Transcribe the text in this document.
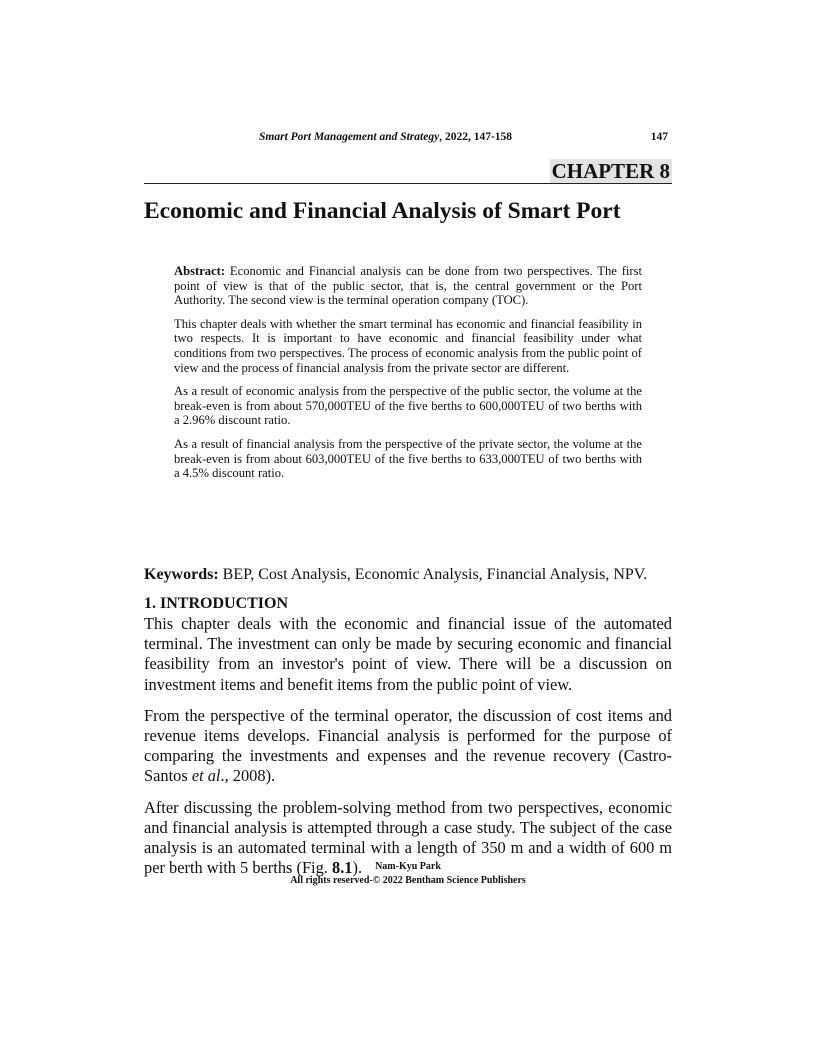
Smart Port Management and Strategy, 2022, 147-158	147
CHAPTER 8
Economic and Financial Analysis of Smart Port

Abstract: Economic and Financial analysis can be done from two perspectives. The first point of view is that of the public sector, that is, the central government or the Port Authority. The second view is the terminal operation company (TOC).

This chapter deals with whether the smart terminal has economic and financial feasibility in two respects. It is important to have economic and financial feasibility under what conditions from two perspectives. The process of economic analysis from the public point of view and the process of financial analysis from the private sector are different.

As a result of economic analysis from the perspective of the public sector, the volume at the break-even is from about 570,000TEU of the five berths to 600,000TEU of two berths with a 2.96% discount ratio.

As a result of financial analysis from the perspective of the private sector, the volume at the break-even is from about 603,000TEU of the five berths to 633,000TEU of two berths with a 4.5% discount ratio.

Keywords: BEP, Cost Analysis, Economic Analysis, Financial Analysis, NPV.
1. INTRODUCTION

This chapter deals with the economic and financial issue of the automated terminal. The investment can only be made by securing economic and financial feasibility from an investor's point of view. There will be a discussion on investment items and benefit items from the public point of view.

From the perspective of the terminal operator, the discussion of cost items and revenue items develops. Financial analysis is performed for the purpose of comparing the investments and expenses and the revenue recovery (Castro-Santos et al., 2008).

After discussing the problem-solving method from two perspectives, economic and financial analysis is attempted through a case study. The subject of the case analysis is an automated terminal with a length of 350 m and a width of 600 m per berth with 5 berths (Fig. 8.1).	Nam-Kyu Park
All rights reserved-© 2022 Bentham Science Publishers
